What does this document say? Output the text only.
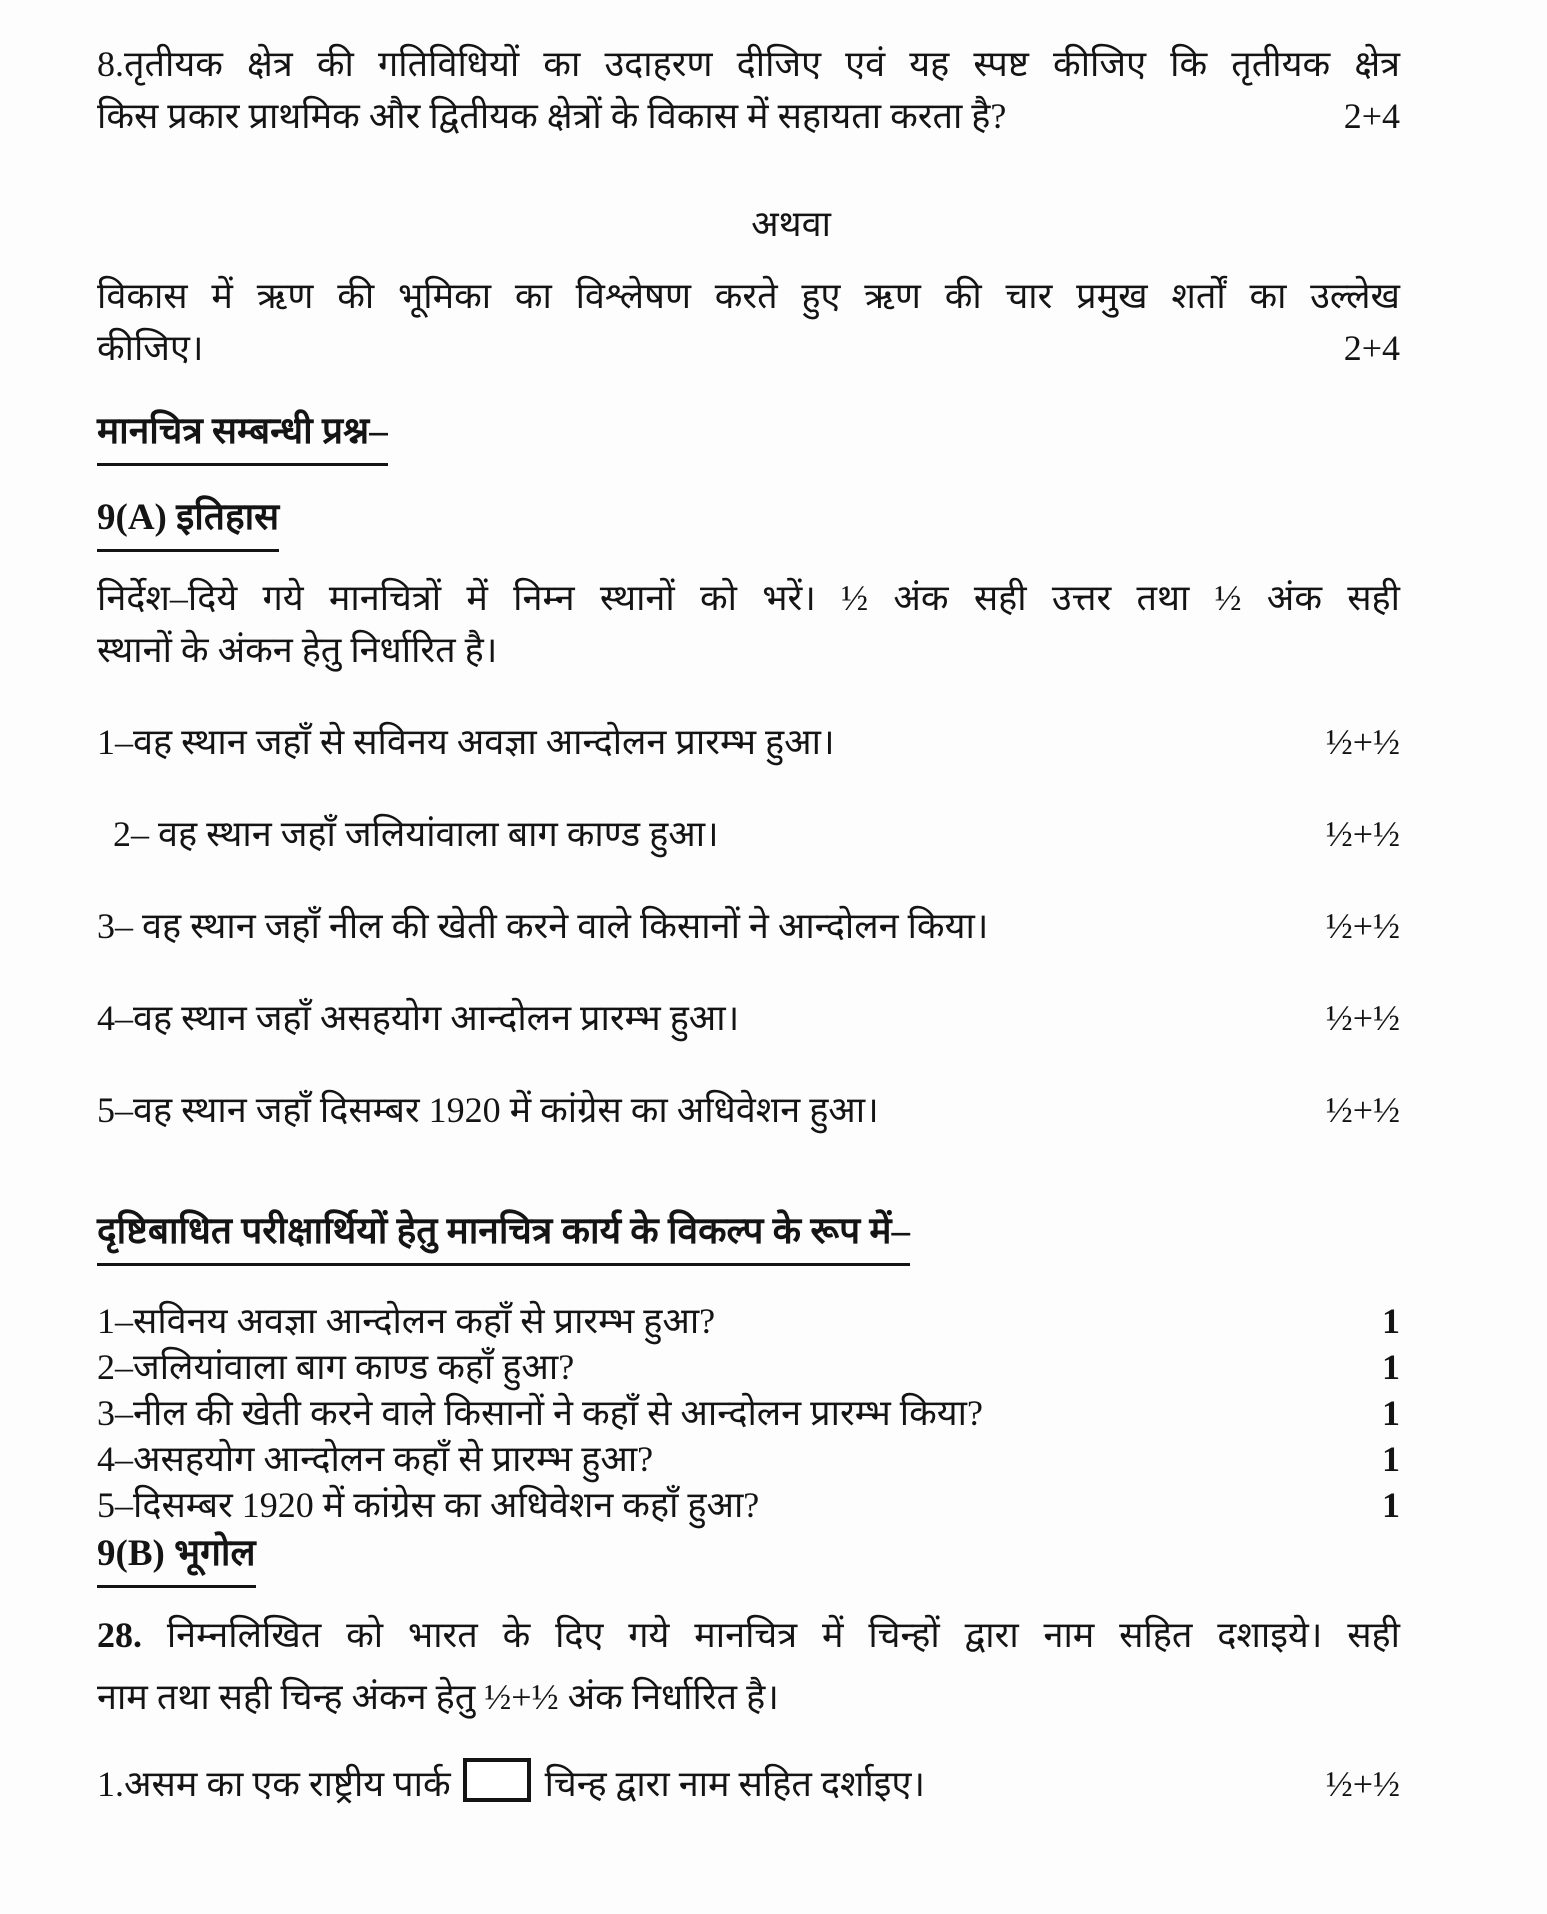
8.तृतीयक क्षेत्र की गतिविधियों का उदाहरण दीजिए एवं यह स्पष्ट कीजिए कि तृतीयक क्षेत्र
किस प्रकार प्राथमिक और द्वितीयक क्षेत्रों के विकास में सहायता करता है?	2+4
अथवा
विकास में ऋण की भूमिका का विश्लेषण करते हुए ऋण की चार प्रमुख शर्तों का उल्लेख
कीजिए।	2+4
मानचित्र सम्बन्धी प्रश्न–
9(A) इतिहास
निर्देश–दिये गये मानचित्रों में निम्न स्थानों को भरें। ½ अंक सही उत्तर तथा ½ अंक सही
स्थानों के अंकन हेतु निर्धारित है।
1–वह स्थान जहाँ से सविनय अवज्ञा आन्दोलन प्रारम्भ हुआ।	½+½
2– वह स्थान जहाँ जलियांवाला बाग काण्ड हुआ।	½+½
3– वह स्थान जहाँ नील की खेती करने वाले किसानों ने आन्दोलन किया।	½+½
4–वह स्थान जहाँ असहयोग आन्दोलन प्रारम्भ हुआ।	½+½
5–वह स्थान जहाँ दिसम्बर 1920 में कांग्रेस का अधिवेशन हुआ।	½+½
दृष्टिबाधित परीक्षार्थियों हेतु मानचित्र कार्य के विकल्प के रूप में–
1–सविनय अवज्ञा आन्दोलन कहाँ से प्रारम्भ हुआ?	1
2–जलियांवाला बाग काण्ड कहाँ हुआ?	1
3–नील की खेती करने वाले किसानों ने कहाँ से आन्दोलन प्रारम्भ किया?	1
4–असहयोग आन्दोलन कहाँ से प्रारम्भ हुआ?	1
5–दिसम्बर 1920 में कांग्रेस का अधिवेशन कहाँ हुआ?	1
9(B) भूगोल
28. निम्नलिखित को भारत के दिए गये मानचित्र में चिन्हों द्वारा नाम सहित दशाइये। सही
नाम तथा सही चिन्ह अंकन हेतु ½+½ अंक निर्धारित है।
1.असम का एक राष्ट्रीय पार्क	चिन्ह द्वारा नाम सहित दर्शाइए।	½+½
